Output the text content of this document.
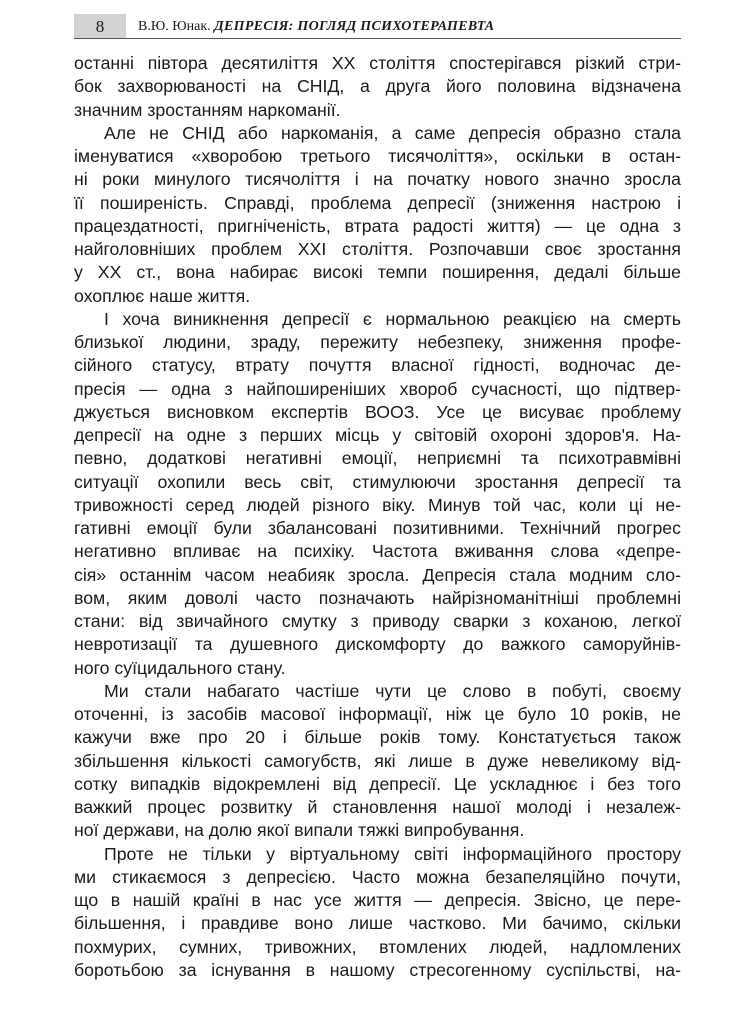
8	В.Ю. Юнак. ДЕПРЕСІЯ: ПОГЛЯД ПСИХОТЕРАПЕВТА

останні півтора десятиліття XX століття спостерігався різкий стри-

бок захворюваності на СНІД, а друга його половина відзначена

значним зростанням наркоманії.

Але не СНІД або наркоманія, а саме депресія образно стала

іменуватися «хворобою третього тисячоліття», оскільки в остан-

ні роки минулого тисячоліття і на початку нового значно зросла

її поширеність. Справді, проблема депресії (зниження настрою і

працездатності, пригніченість, втрата радості життя) — це одна з

найголовніших проблем XXI століття. Розпочавши своє зростання

у XX ст., вона набирає високі темпи поширення, дедалі більше

охоплює наше життя.

І хоча виникнення депресії є нормальною реакцією на смерть

близької людини, зраду, пережиту небезпеку, зниження профе-

сійного статусу, втрату почуття власної гідності, водночас де-

пресія — одна з найпоширеніших хвороб сучасності, що підтвер-

джується висновком експертів ВООЗ. Усе це висуває проблему

депресії на одне з перших місць у світовій охороні здоров'я. На-

певно, додаткові негативні емоції, неприємні та психотравмівні

ситуації охопили весь світ, стимулюючи зростання депресії та

тривожності серед людей різного віку. Минув той час, коли ці не-

гативні емоції були збалансовані позитивними. Технічний прогрес

негативно впливає на психіку. Частота вживання слова «депре-

сія» останнім часом неабияк зросла. Депресія стала модним сло-

вом, яким доволі часто позначають найрізноманітніші проблемні

стани: від звичайного смутку з приводу сварки з коханою, легкої

невротизації та душевного дискомфорту до важкого саморуйнів-

ного суїцидального стану.

Ми стали набагато частіше чути це слово в побуті, своєму

оточенні, із засобів масової інформації, ніж це було 10 років, не

кажучи вже про 20 і більше років тому. Констатується також

збільшення кількості самогубств, які лише в дуже невеликому від-

сотку випадків відокремлені від депресії. Це ускладнює і без того

важкий процес розвитку й становлення нашої молоді і незалеж-

ної держави, на долю якої випали тяжкі випробування.

Проте не тільки у віртуальному світі інформаційного простору

ми стикаємося з депресією. Часто можна безапеляційно почути,

що в нашій країні в нас усе життя — депресія. Звісно, це пере-

більшення, і правдиве воно лише частково. Ми бачимо, скільки

похмурих, сумних, тривожних, втомлених людей, надломлених

боротьбою за існування в нашому стресогенному суспільстві, на-
